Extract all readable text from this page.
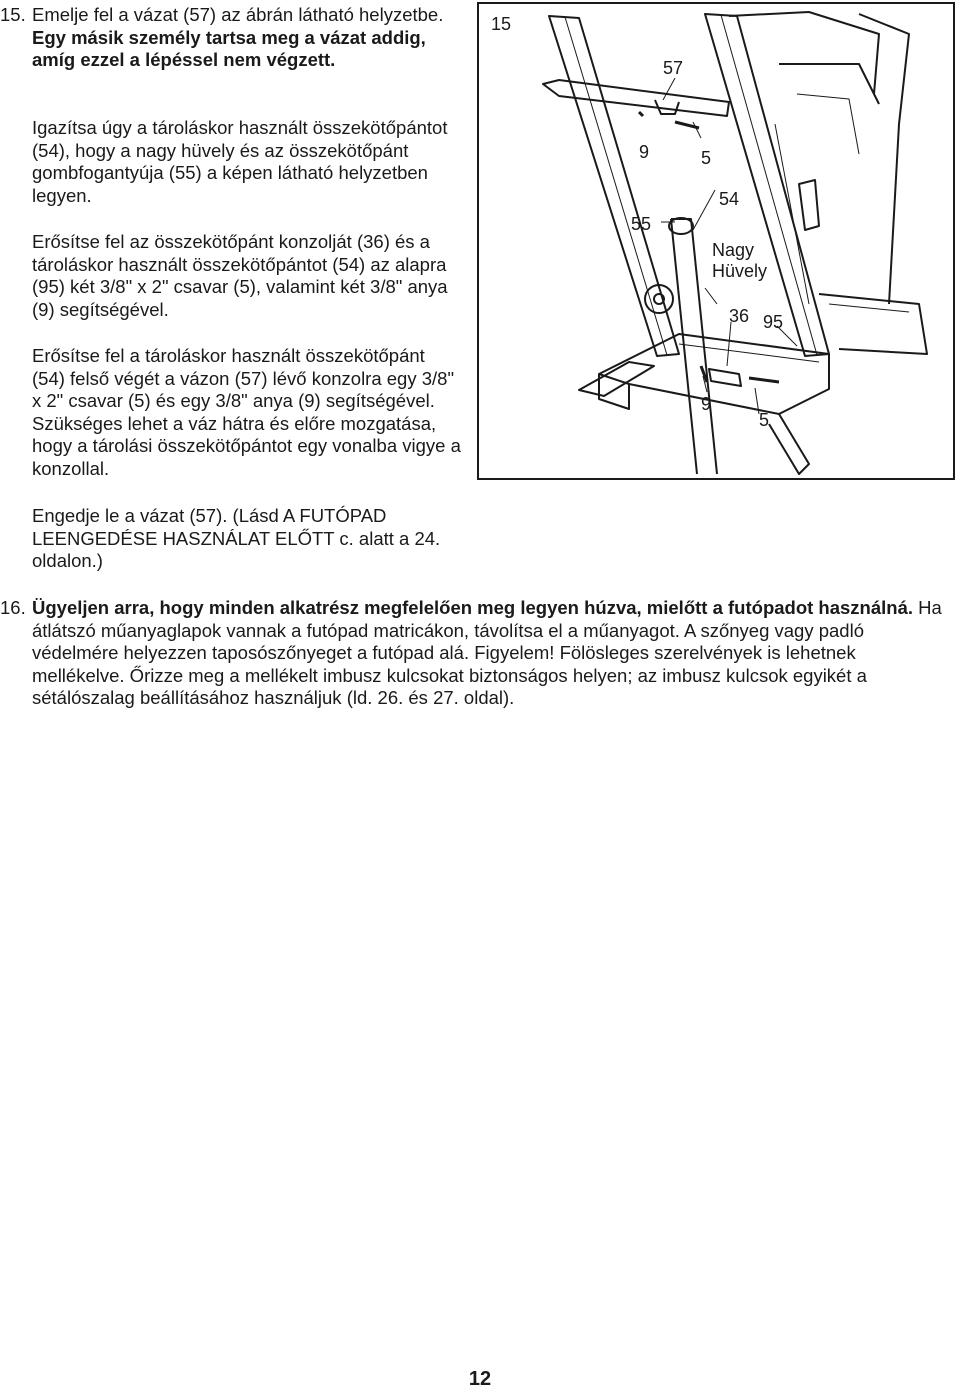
15. Emelje fel a vázat (57) az ábrán látható helyzetbe. Egy másik személy tartsa meg a vázat addig, amíg ezzel a lépéssel nem végzett.

Igazítsa úgy a tároláskor használt összekötőpántot (54), hogy a nagy hüvely és az összekötőpánt gombfogantyúja (55) a képen látható helyzetben legyen.

Erősítse fel az összekötőpánt konzolját (36) és a tároláskor használt összekötőpántot (54) az alapra (95) két 3/8" x 2" csavar (5), valamint két 3/8" anya (9) segítségével.

Erősítse fel a tároláskor használt összekötőpánt (54) felső végét a vázon (57) lévő konzolra egy 3/8" x 2" csavar (5) és egy 3/8" anya (9) segítségével. Szükséges lehet a váz hátra és előre mozgatása, hogy a tárolási összekötőpántot egy vonalba vigye a konzollal.

Engedje le a vázat (57). (Lásd A FUTÓPAD LEENGEDÉSE HASZNÁLAT ELŐTT c. alatt a 24. oldalon.)

15
57
9	5
54
55
Nagy
Hüvely
36 95
9
5
16. Ügyeljen arra, hogy minden alkatrész megfelelően meg legyen húzva, mielőtt a futópadot használná. Ha átlátszó műanyaglapok vannak a futópad matricákon, távolítsa el a műanyagot. A szőnyeg vagy padló védelmére helyezzen taposószőnyeget a futópad alá. Figyelem! Fölösleges szerelvények is lehetnek mellékelve. Őrizze meg a mellékelt imbusz kulcsokat biztonságos helyen; az imbusz kulcsok egyikét a sétálószalag beállításához használjuk (ld. 26. és 27. oldal).

12
